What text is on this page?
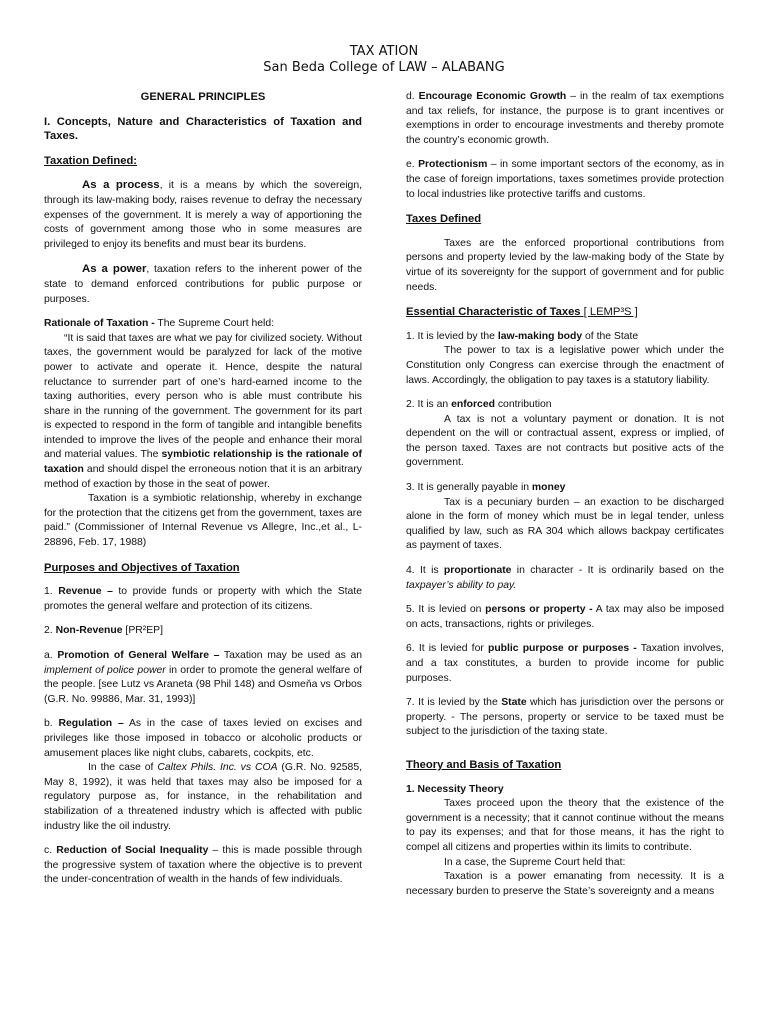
TAX ATION
San Beda College of LAW – ALABANG

GENERAL PRINCIPLES

I. Concepts, Nature and Characteristics of Taxation and Taxes.

Taxation Defined:

As a process, it is a means by which the sovereign, through its law-making body, raises revenue to defray the necessary expenses of the government. It is merely a way of apportioning the costs of government among those who in some measures are privileged to enjoy its benefits and must bear its burdens.

As a power, taxation refers to the inherent power of the state to demand enforced contributions for public purpose or purposes.

Rationale of Taxation - The Supreme Court held:

“It is said that taxes are what we pay for civilized society. Without taxes, the government would be paralyzed for lack of the motive power to activate and operate it. Hence, despite the natural reluctance to surrender part of one’s hard-earned income to the taxing authorities, every person who is able must contribute his share in the running of the government. The government for its part is expected to respond in the form of tangible and intangible benefits intended to improve the lives of the people and enhance their moral and material values. The symbiotic relationship is the rationale of taxation and should dispel the erroneous notion that it is an arbitrary method of exaction by those in the seat of power.

Taxation is a symbiotic relationship, whereby in exchange for the protection that the citizens get from the government, taxes are paid.” (Commissioner of Internal Revenue vs Allegre, Inc.,et al., L-28896, Feb. 17, 1988)

Purposes and Objectives of Taxation

1. Revenue – to provide funds or property with which the State promotes the general welfare and protection of its citizens.

2. Non-Revenue [PR²EP]

a. Promotion of General Welfare – Taxation may be used as an implement of police power in order to promote the general welfare of the people. [see Lutz vs Araneta (98 Phil 148) and Osmeňa vs Orbos (G.R. No. 99886, Mar. 31, 1993)]

b. Regulation – As in the case of taxes levied on excises and privileges like those imposed in tobacco or alcoholic products or amusement places like night clubs, cabarets, cockpits, etc.

In the case of Caltex Phils. Inc. vs COA (G.R. No. 92585, May 8, 1992), it was held that taxes may also be imposed for a regulatory purpose as, for instance, in the rehabilitation and stabilization of a threatened industry which is affected with public industry like the oil industry.

c. Reduction of Social Inequality – this is made possible through the progressive system of taxation where the objective is to prevent the under-concentration of wealth in the hands of few individuals.

d. Encourage Economic Growth – in the realm of tax exemptions and tax reliefs, for instance, the purpose is to grant incentives or exemptions in order to encourage investments and thereby promote the country’s economic growth.

e. Protectionism – in some important sectors of the economy, as in the case of foreign importations, taxes sometimes provide protection to local industries like protective tariffs and customs.

Taxes Defined

Taxes are the enforced proportional contributions from persons and property levied by the law-making body of the State by virtue of its sovereignty for the support of government and for public needs.

Essential Characteristic of Taxes [ LEMP³S ]

1. It is levied by the law-making body of the State

The power to tax is a legislative power which under the Constitution only Congress can exercise through the enactment of laws. Accordingly, the obligation to pay taxes is a statutory liability.

2. It is an enforced contribution

A tax is not a voluntary payment or donation. It is not dependent on the will or contractual assent, express or implied, of the person taxed. Taxes are not contracts but positive acts of the government.

3. It is generally payable in money

Tax is a pecuniary burden – an exaction to be discharged alone in the form of money which must be in legal tender, unless qualified by law, such as RA 304 which allows backpay certificates as payment of taxes.

4. It is proportionate in character - It is ordinarily based on the taxpayer’s ability to pay.

5. It is levied on persons or property - A tax may also be imposed on acts, transactions, rights or privileges.

6. It is levied for public purpose or purposes - Taxation involves, and a tax constitutes, a burden to provide income for public purposes.

7. It is levied by the State which has jurisdiction over the persons or property. - The persons, property or service to be taxed must be subject to the jurisdiction of the taxing state.

Theory and Basis of Taxation

1. Necessity Theory

Taxes proceed upon the theory that the existence of the government is a necessity; that it cannot continue without the means to pay its expenses; and that for those means, it has the right to compel all citizens and properties within its limits to contribute.

In a case, the Supreme Court held that:

Taxation is a power emanating from necessity. It is a necessary burden to preserve the State’s sovereignty and a means
